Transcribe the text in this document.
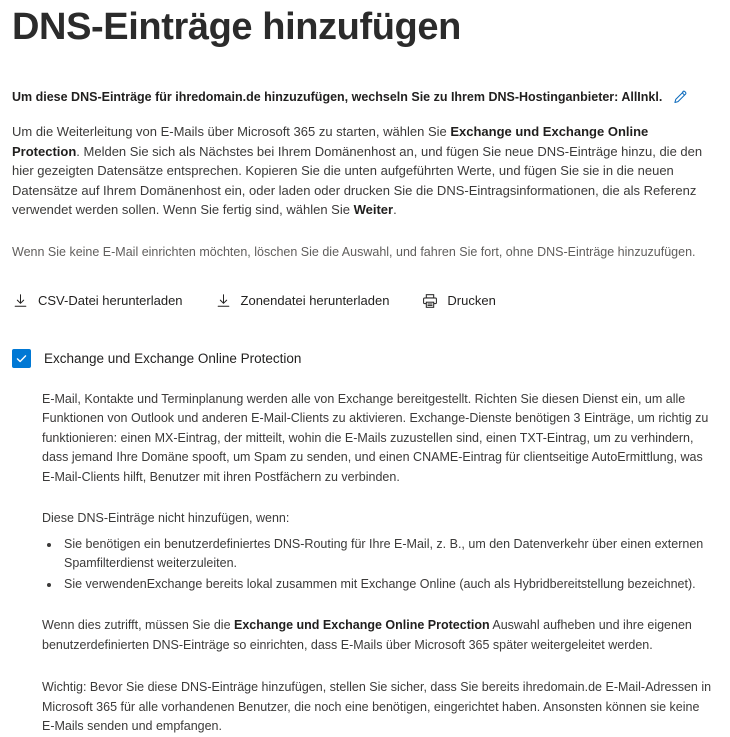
DNS-Einträge hinzufügen
Um diese DNS-Einträge für ihredomain.de hinzuzufügen, wechseln Sie zu Ihrem DNS-Hostinganbieter: AllInkl.

Um die Weiterleitung von E-Mails über Microsoft 365 zu starten, wählen Sie Exchange und Exchange Online Protection. Melden Sie sich als Nächstes bei Ihrem Domänenhost an, und fügen Sie neue DNS-Einträge hinzu, die den hier gezeigten Datensätze entsprechen. Kopieren Sie die unten aufgeführten Werte, und fügen Sie sie in die neuen Datensätze auf Ihrem Domänenhost ein, oder laden oder drucken Sie die DNS-Eintragsinformationen, die als Referenz verwendet werden sollen. Wenn Sie fertig sind, wählen Sie Weiter.

Wenn Sie keine E-Mail einrichten möchten, löschen Sie die Auswahl, und fahren Sie fort, ohne DNS-Einträge hinzuzufügen.

CSV-Datei herunterladen	Zonendatei herunterladen	Drucken
Exchange und Exchange Online Protection

E-Mail, Kontakte und Terminplanung werden alle von Exchange bereitgestellt. Richten Sie diesen Dienst ein, um alle Funktionen von Outlook und anderen E-Mail-Clients zu aktivieren. Exchange-Dienste benötigen 3 Einträge, um richtig zu funktionieren: einen MX-Eintrag, der mitteilt, wohin die E-Mails zuzustellen sind, einen TXT-Eintrag, um zu verhindern, dass jemand Ihre Domäne spooft, um Spam zu senden, und einen CNAME-Eintrag für clientseitige AutoErmittlung, was E-Mail-Clients hilft, Benutzer mit ihren Postfächern zu verbinden.

Diese DNS-Einträge nicht hinzufügen, wenn:

• Sie benötigen ein benutzerdefiniertes DNS-Routing für Ihre E-Mail, z. B., um den Datenverkehr über einen externen Spamfilterdienst weiterzuleiten.
• Sie verwendenExchange bereits lokal zusammen mit Exchange Online (auch als Hybridbereitstellung bezeichnet).

Wenn dies zutrifft, müssen Sie die Exchange und Exchange Online Protection Auswahl aufheben und ihre eigenen benutzerdefinierten DNS-Einträge so einrichten, dass E-Mails über Microsoft 365 später weitergeleitet werden.

Wichtig: Bevor Sie diese DNS-Einträge hinzufügen, stellen Sie sicher, dass Sie bereits ihredomain.de E-Mail-Adressen in Microsoft 365 für alle vorhandenen Benutzer, die noch eine benötigen, eingerichtet haben. Ansonsten können sie keine E-Mails senden und empfangen.
